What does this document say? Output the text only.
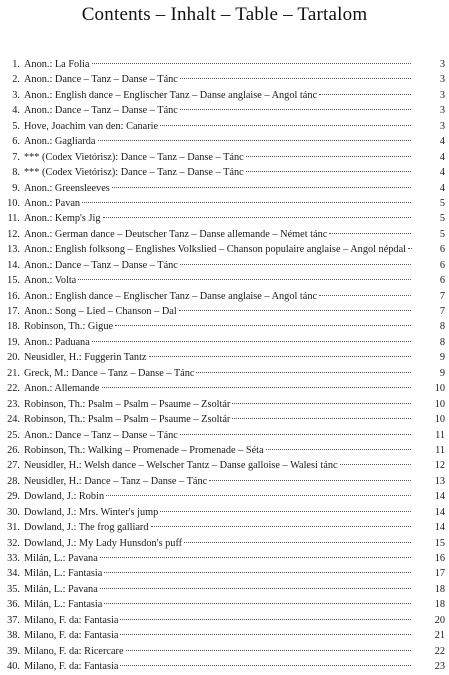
Contents – Inhalt – Table – Tartalom
1. Anon.: La Folia	3
2. Anon.: Dance – Tanz – Danse – Tánc	3
3. Anon.: English dance – Englischer Tanz – Danse anglaise – Angol tánc	3
4. Anon.: Dance – Tanz – Danse – Tánc	3
5. Hove, Joachim van den: Canarie	3
6. Anon.: Gagliarda	4
7. *** (Codex Vietórisz): Dance – Tanz – Danse – Tánc	4
8. *** (Codex Vietórisz): Dance – Tanz – Danse – Tánc	4
9. Anon.: Greensleeves	4
10. Anon.: Pavan	5
11. Anon.: Kemp's Jig	5
12. Anon.: German dance – Deutscher Tanz – Danse allemande – Német tánc	5
13. Anon.: English folksong – Englishes Volkslied – Chanson populaire anglaise – Angol népdal	6
14. Anon.: Dance – Tanz – Danse – Tánc	6
15. Anon.: Volta	6
16. Anon.: English dance – Englischer Tanz – Danse anglaise – Angol tánc	7
17. Anon.: Song – Lied – Chanson – Dal	7
18. Robinson, Th.: Gigue	8
19. Anon.: Paduana	8
20. Neusidler, H.: Fuggerin Tantz	9
21. Greck, M.: Dance – Tanz – Danse – Tánc	9
22. Anon.: Allemande	10
23. Robinson, Th.: Psalm – Psalm – Psaume – Zsoltár	10
24. Robinson, Th.: Psalm – Psalm – Psaume – Zsoltár	10
25. Anon.: Dance – Tanz – Danse – Tánc	11
26. Robinson, Th.: Walking – Promenade – Promenade – Séta	11
27. Neusidler, H.: Welsh dance – Welscher Tantz – Danse galloise – Walesi tánc	12
28. Neusidler, H.: Dance – Tanz – Danse – Tánc	13
29. Dowland, J.: Robin	14
30. Dowland, J.: Mrs. Winter's jump	14
31. Dowland, J.: The frog galliard	14
32. Dowland, J.: My Lady Hunsdon's puff	15
33. Milán, L.: Pavana	16
34. Milán, L.: Fantasia	17
35. Milán, L.: Pavana	18
36. Milán, L.: Fantasia	18
37. Milano, F. da: Fantasia	20
38. Milano, F. da: Fantasia	21
39. Milano, F. da: Ricercare	22
40. Milano, F. da: Fantasia	23
